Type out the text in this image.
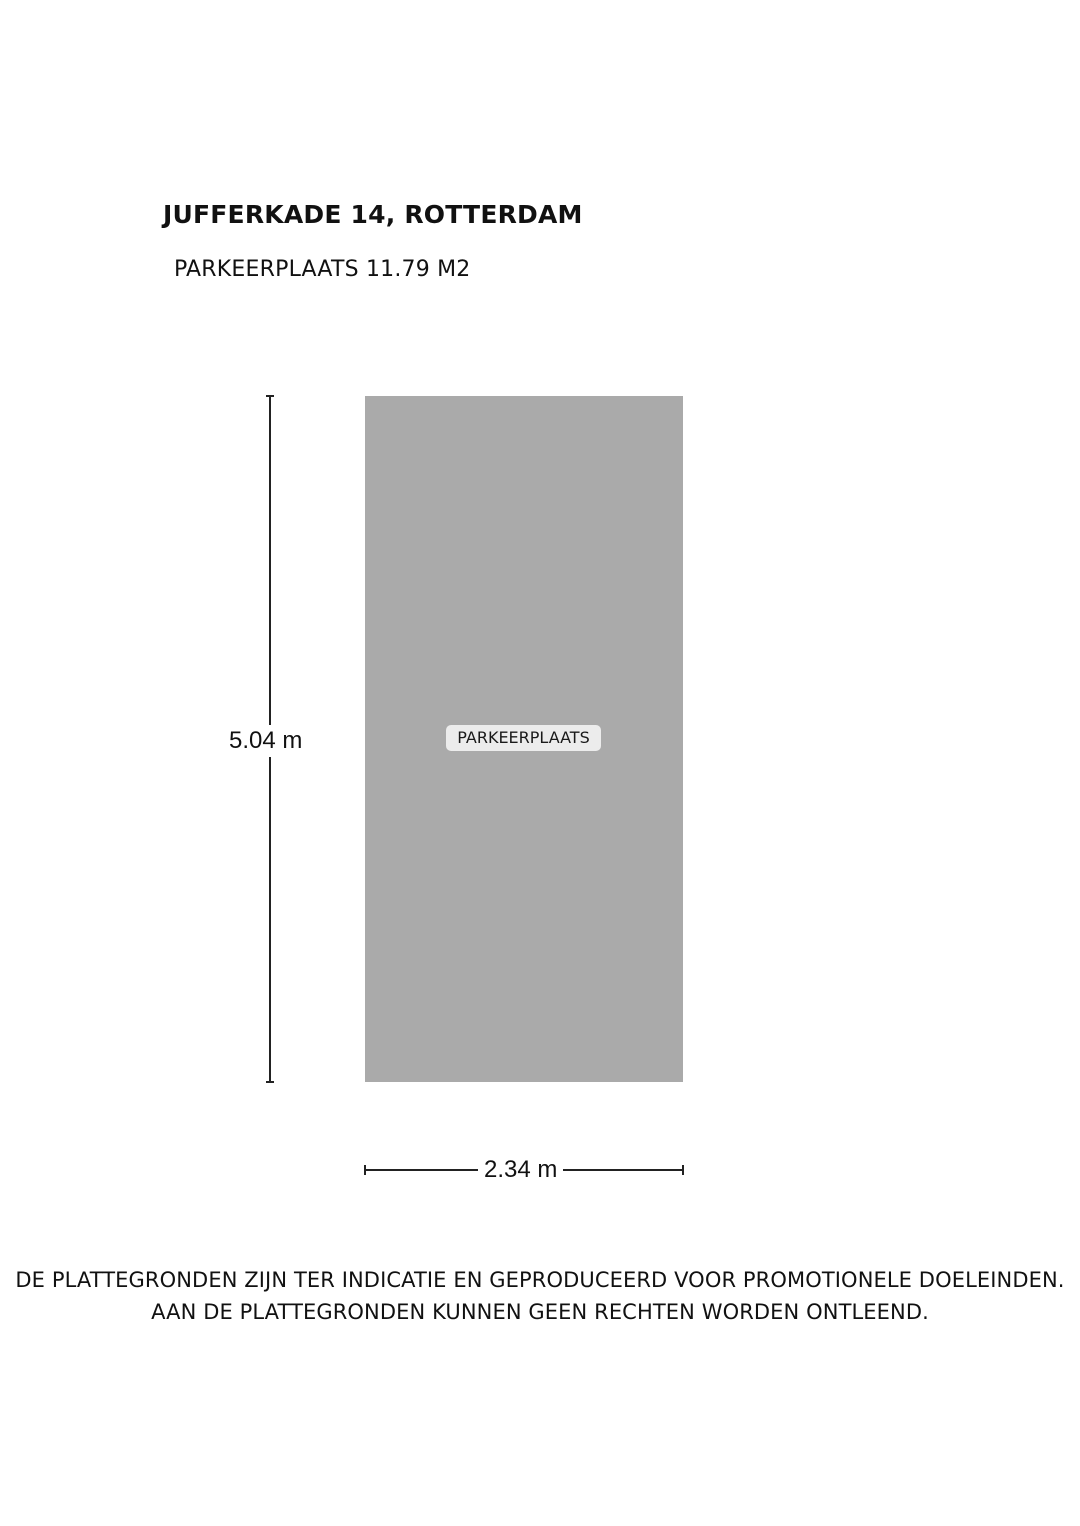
JUFFERKADE 14, ROTTERDAM
PARKEERPLAATS 11.79 M2
PARKEERPLAATS
5.04 m
2.34 m
DE PLATTEGRONDEN ZIJN TER INDICATIE EN GEPRODUCEERD VOOR PROMOTIONELE DOELEINDEN.
AAN DE PLATTEGRONDEN KUNNEN GEEN RECHTEN WORDEN ONTLEEND.
